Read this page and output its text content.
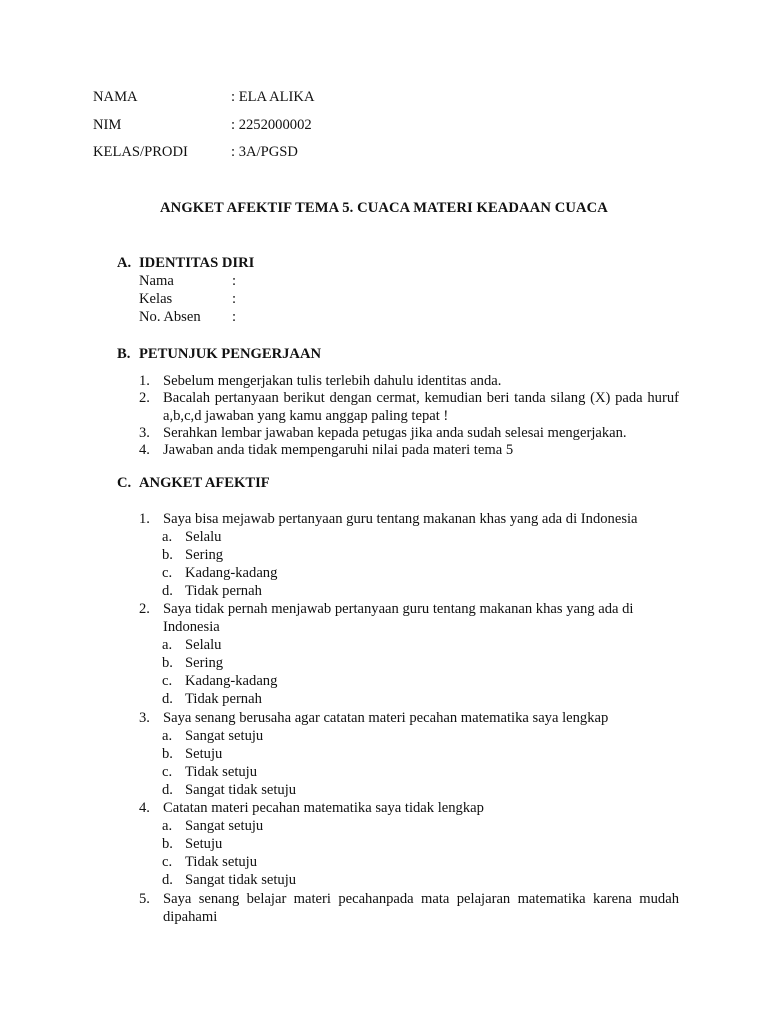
NAMA	: ELA ALIKA
NIM	: 2252000002
KELAS/PRODI	: 3A/PGSD
ANGKET AFEKTIF TEMA 5. CUACA MATERI KEADAAN CUACA
A. IDENTITAS DIRI
Nama	:
Kelas	:
No. Absen :
B. PETUNJUK PENGERJAAN
1. Sebelum mengerjakan tulis terlebih dahulu identitas anda.
2. Bacalah pertanyaan berikut dengan cermat, kemudian beri tanda silang (X) pada huruf a,b,c,d jawaban yang kamu anggap paling tepat !
3. Serahkan lembar jawaban kepada petugas jika anda sudah selesai mengerjakan.
4. Jawaban anda tidak mempengaruhi nilai pada materi tema 5
C. ANGKET AFEKTIF
1. Saya bisa mejawab pertanyaan guru tentang makanan khas yang ada di Indonesia
a. Selalu
b. Sering
c. Kadang-kadang
d. Tidak pernah
2. Saya tidak pernah menjawab pertanyaan guru tentang makanan khas yang ada di Indonesia
a. Selalu
b. Sering
c. Kadang-kadang
d. Tidak pernah
3. Saya senang berusaha agar catatan materi pecahan matematika saya lengkap
a. Sangat setuju
b. Setuju
c. Tidak setuju
d. Sangat tidak setuju
4. Catatan materi pecahan matematika saya tidak lengkap
a. Sangat setuju
b. Setuju
c. Tidak setuju
d. Sangat tidak setuju
5. Saya senang belajar materi pecahanpada mata pelajaran matematika karena mudah dipahami
